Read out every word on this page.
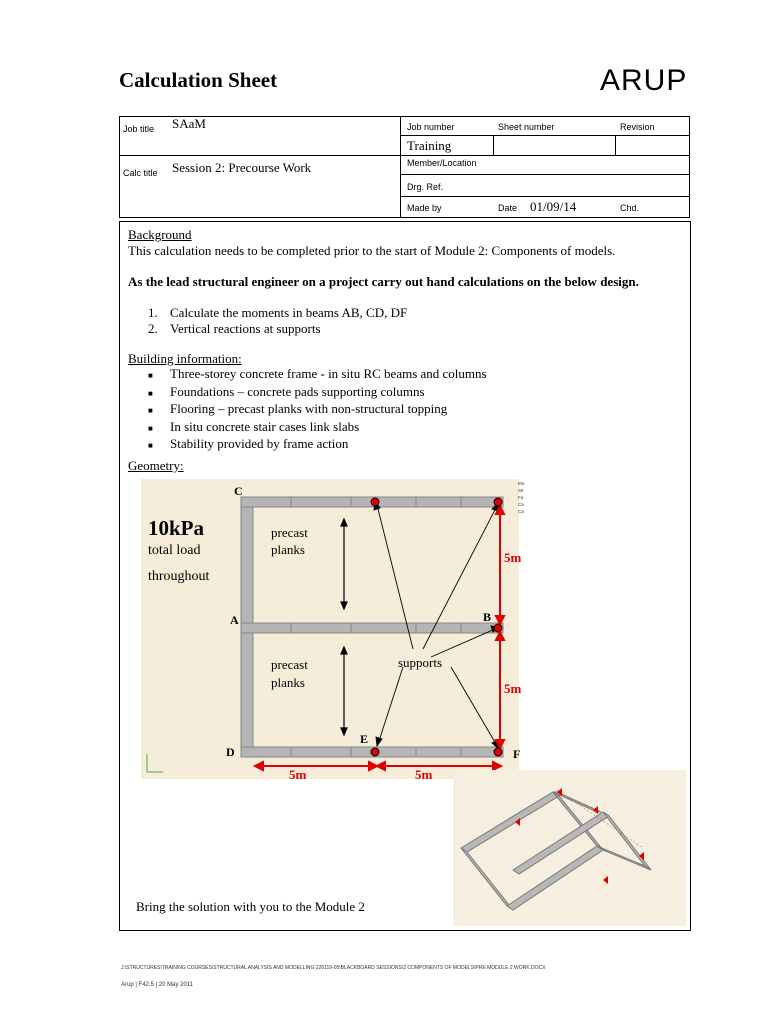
Calculation Sheet	ARUP
Job title SAaM	Job number	Sheet number	Revision
Training
Member/Location
Calc title Session 2: Precourse Work
Drg. Ref.
Made by	Date 01/09/14	Chd.
Background
This calculation needs to be completed prior to the start of Module 2: Components of models.
As the lead structural engineer on a project carry out hand calculations on the below design.
1. Calculate the moments in beams AB, CD, DF
2. Vertical reactions at supports
Building information:
■ Three-storey concrete frame - in situ RC beams and columns
■ Foundations – concrete pads supporting columns
■ Flooring – precast planks with non-structural topping
■ In situ concrete stair cases link slabs
■ Stability provided by frame action
Geometry:
10kPa
total load
throughout
precast
planks
precast
planks
supports
C
A
D
E
B
F
5m
5m
5m	5m
Ele
Str
Fa
Ca
Ca
Bring the solution with you to the Module 2
J:\STRUCTURES\TRAINING COURSES\STRUCTURAL ANALYSIS AND MODELLING 226119-05\BLACKBOARD SESSIONS\2 COMPONENTS OF MODELS\PRE MODULE 2 WORK.DOCX
Arup | F42.5 | 20 May 2011
